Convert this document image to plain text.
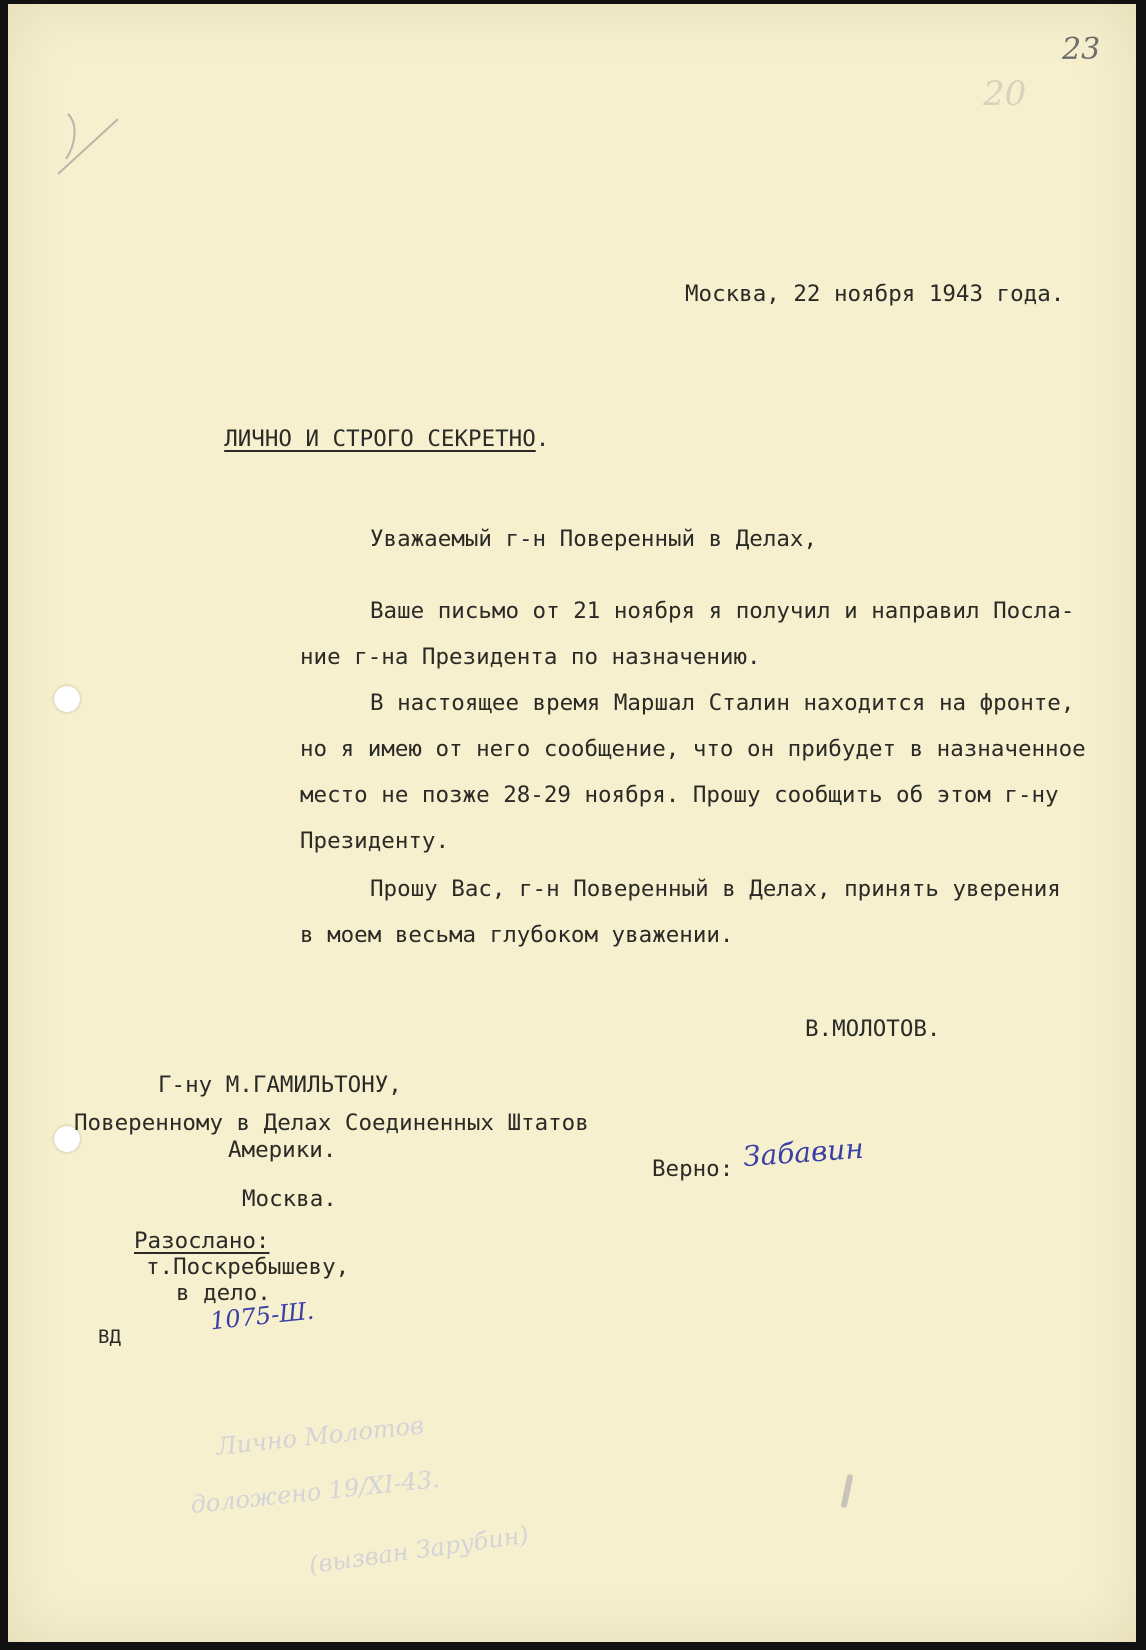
20
23
Москва, 22 ноября 1943 года.

ЛИЧНО И СТРОГО СЕКРЕТНО.

Уважаемый г-н Поверенный в Делах,
Ваше письмо от 21 ноября я получил и направил Посла-
ние г-на Президента по назначению.
В настоящее время Маршал Сталин находится на фронте,
но я имею от него сообщение, что он прибудет в назначенное
место не позже 28-29 ноября. Прошу сообщить об этом г-ну
Президенту.
Прошу Вас, г-н Поверенный в Делах, принять уверения
в моем весьма глубоком уважении.
В.МОЛОТОВ.
Г-ну М.ГАМИЛЬТОНУ,
Поверенному в Делах Соединенных Штатов
Америки.
Москва.
Верно: Забавин
Разослано:
т.Поскребышеву,
в дело.
1075-Ш.
ВД
Лично Молотов
доложено 19/XI-43.
(вызван Зарубин)
